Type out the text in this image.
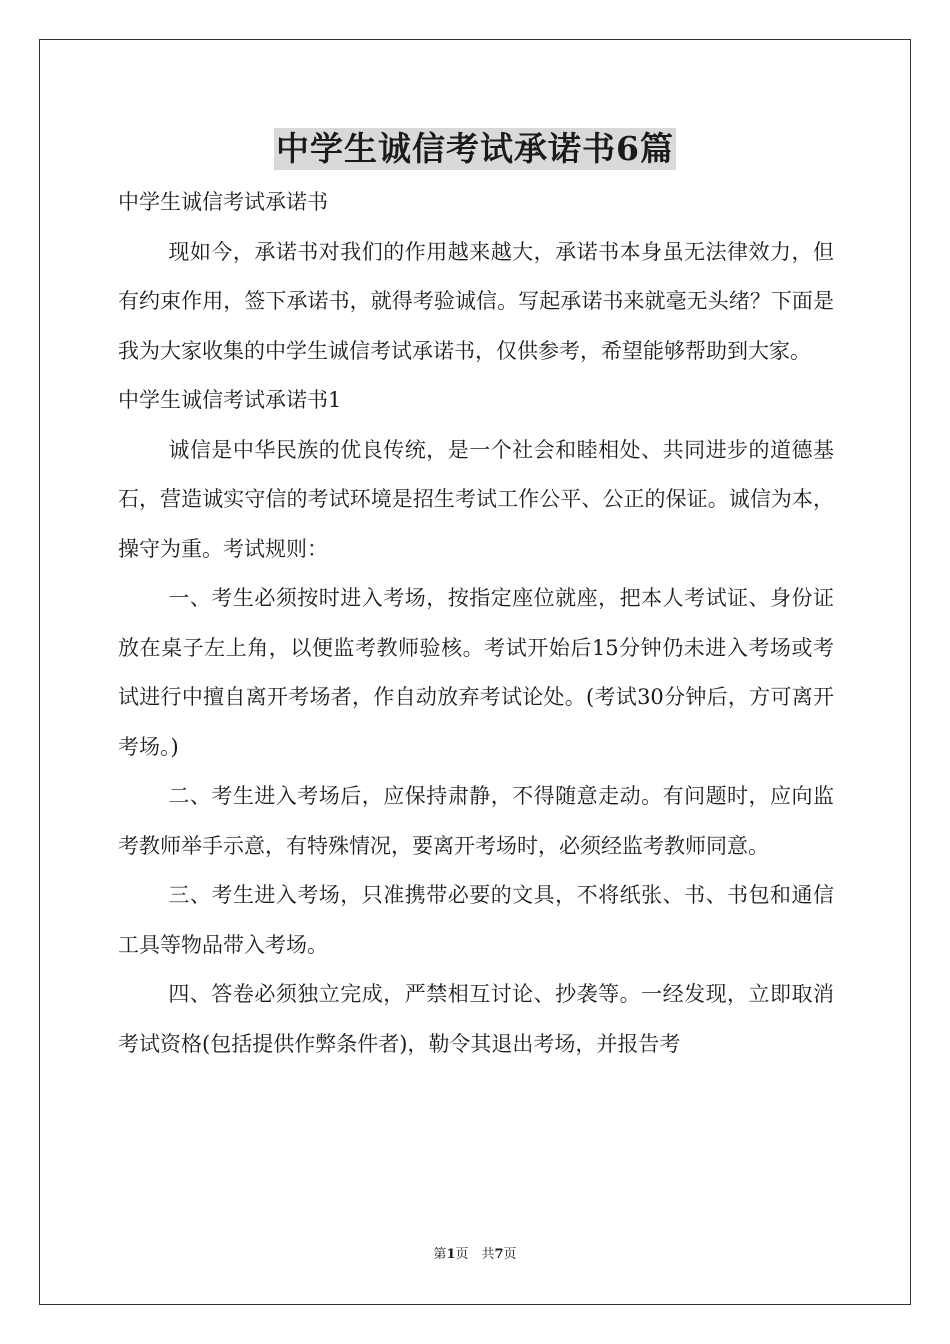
中学生诚信考试承诺书6篇

中学生诚信考试承诺书

现如今，承诺书对我们的作用越来越大，承诺书本身虽无法律效力，但有约束作用，签下承诺书，就得考验诚信。写起承诺书来就毫无头绪？下面是我为大家收集的中学生诚信考试承诺书，仅供参考，希望能够帮助到大家。

中学生诚信考试承诺书1

诚信是中华民族的优良传统，是一个社会和睦相处、共同进步的道德基石，营造诚实守信的考试环境是招生考试工作公平、公正的保证。诚信为本，操守为重。考试规则：

一、考生必须按时进入考场，按指定座位就座，把本人考试证、身份证放在桌子左上角，以便监考教师验核。考试开始后15分钟仍未进入考场或考试进行中擅自离开考场者，作自动放弃考试论处。(考试30分钟后，方可离开考场。)

二、考生进入考场后，应保持肃静，不得随意走动。有问题时，应向监考教师举手示意，有特殊情况，要离开考场时，必须经监考教师同意。

三、考生进入考场，只准携带必要的文具，不将纸张、书、书包和通信工具等物品带入考场。

四、答卷必须独立完成，严禁相互讨论、抄袭等。一经发现，立即取消考试资格(包括提供作弊条件者)，勒令其退出考场，并报告考

第1页　共7页
